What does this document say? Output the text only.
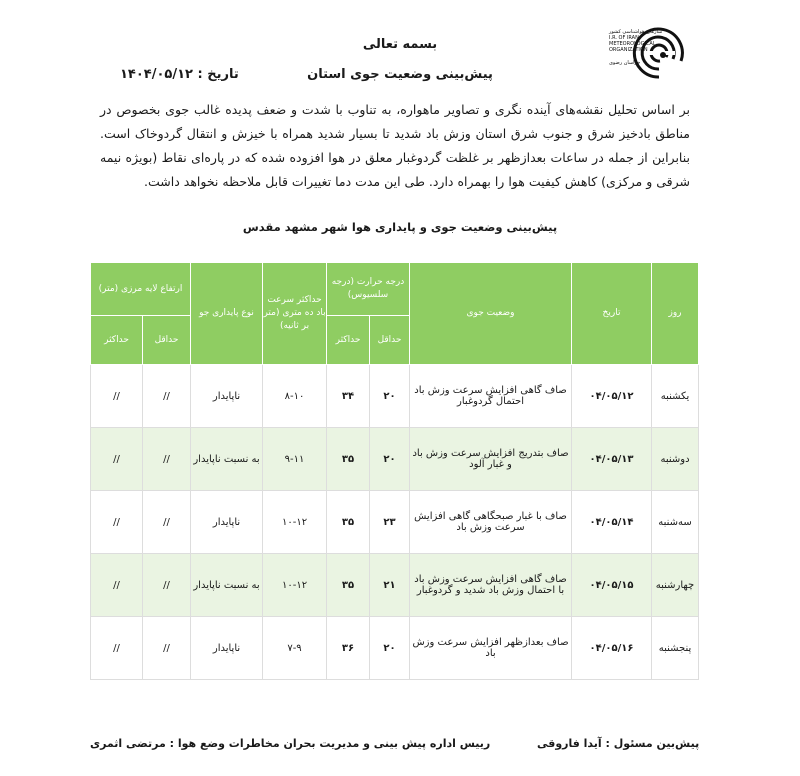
بسمه تعالی
پیش‌بینی وضعیت جوی استان
تاریخ : ۱۴۰۴/۰۵/۱۲
سازمان هواشناسی کشور
I.R. OF IRAN
METEOROLOGICAL
ORGANIZATION
خراسان رضوی
بر اساس تحلیل نقشه‌های آینده نگری و تصاویر ماهواره، به تناوب با شدت و ضعف پدیده غالب جوی بخصوص در مناطق بادخیز شرق و جنوب شرق استان وزش باد شدید تا بسیار شدید همراه با خیزش و انتقال گردوخاک است. بنابراین از جمله در ساعات بعدازظهر بر غلظت گردوغبار معلق در هوا افزوده شده که در پاره‌ای نقاط (بویژه نیمه شرقی و مرکزی) کاهش کیفیت هوا را بهمراه دارد. طی این مدت دما تغییرات قابل ملاحظه نخواهد داشت.
پیش‌بینی وضعیت جوی و پایداری هوا شهر مشهد مقدس
روز	تاریخ	وضعیت جوی	درجه حرارت (درجه سلسیوس)		حداکثر سرعت باد ده متری (متر بر ثانیه)	نوع پایداری جو	ارتفاع لایه مرزی (متر)	
			حداقل	حداکثر			حداقل	حداکثر
یکشنبه	۰۴/۰۵/۱۲	صاف گاهی افزایش سرعت وزش باد احتمال گردوغبار	۲۰	۳۴	۸-۱۰	ناپایدار	//	//
دوشنبه	۰۴/۰۵/۱۳	صاف بتدریج افزایش سرعت وزش باد و غبار آلود	۲۰	۳۵	۹-۱۱	به نسبت ناپایدار	//	//
سه‌شنبه	۰۴/۰۵/۱۴	صاف با غبار صبحگاهی گاهی افزایش سرعت وزش باد	۲۳	۳۵	۱۰-۱۲	ناپایدار	//	//
چهارشنبه	۰۴/۰۵/۱۵	صاف گاهی افزایش سرعت وزش باد با احتمال وزش باد شدید و گردوغبار	۲۱	۳۵	۱۰-۱۲	به نسبت ناپایدار	//	//
پنجشنبه	۰۴/۰۵/۱۶	صاف بعدازظهر افزایش سرعت وزش باد	۲۰	۳۶	۷-۹	ناپایدار	//	//
پیش‌بین مسئول : آیدا فاروقی
رییس اداره پیش بینی و مدیریت بحران مخاطرات وضع هوا : مرتضی اثمری
